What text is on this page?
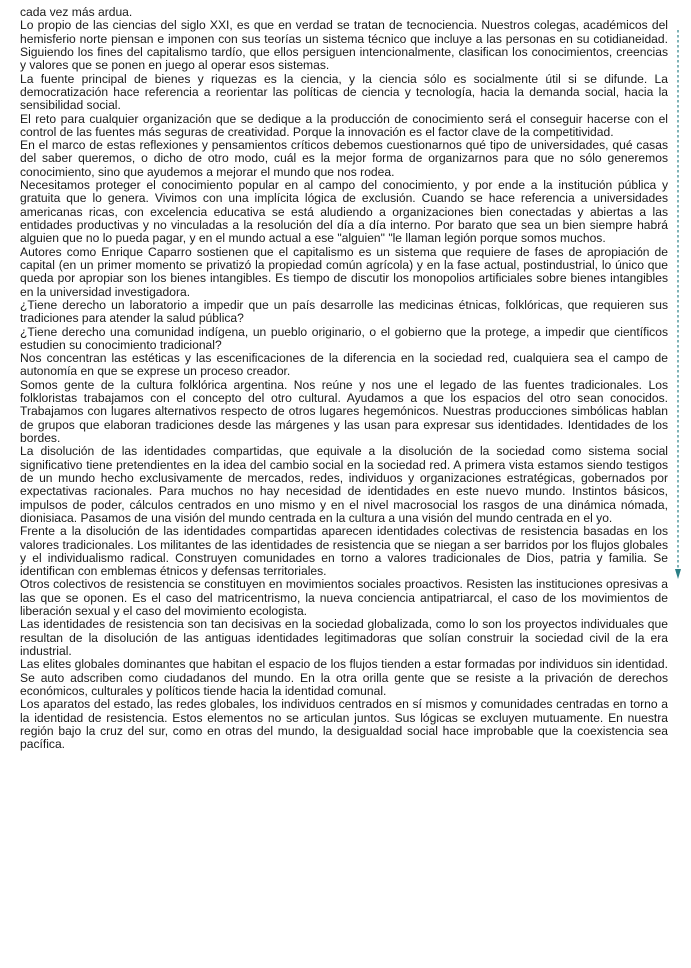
cada vez más ardua.

Lo propio de las ciencias del siglo XXI, es que en verdad se tratan de tecnociencia. Nuestros colegas, académicos del hemisferio norte piensan e imponen con sus teorías un sistema técnico que incluye a las personas en su cotidianeidad. Siguiendo los fines del capitalismo tardío, que ellos persiguen intencionalmente, clasifican los conocimientos, creencias y valores que se ponen en juego al operar esos sistemas.

La fuente principal de bienes y riquezas es la ciencia, y la ciencia sólo es socialmente útil si se difunde. La democratización hace referencia a reorientar las políticas de ciencia y tecnología, hacia la demanda social, hacia la sensibilidad social.

El reto para cualquier organización que se dedique a la producción de conocimiento será el conseguir hacerse con el control de las fuentes más seguras de creatividad. Porque la innovación es el factor clave de la competitividad.

En el marco de estas reflexiones y pensamientos críticos debemos cuestionarnos qué tipo de universidades, qué casas del saber queremos, o dicho de otro modo, cuál es la mejor forma de organizarnos para que no sólo generemos conocimiento, sino que ayudemos a mejorar el mundo que nos rodea.

Necesitamos proteger el conocimiento popular en al campo del conocimiento, y por ende a la institución pública y gratuita que lo genera. Vivimos con una implícita lógica de exclusión. Cuando se hace referencia a universidades americanas ricas, con excelencia educativa se está aludiendo a organizaciones bien conectadas y abiertas a las entidades productivas y no vinculadas a la resolución del día a día interno. Por barato que sea un bien siempre habrá alguien que no lo pueda pagar, y en el mundo actual a ese "alguien" "le llaman legión porque somos muchos.

Autores como Enrique Caparro sostienen que el capitalismo es un sistema que requiere de fases de apropiación de capital (en un primer momento se privatizó la propiedad común agrícola) y en la fase actual, postindustrial, lo único que queda por apropiar son los bienes intangibles. Es tiempo de discutir los monopolios artificiales sobre bienes intangibles en la universidad investigadora.

¿Tiene derecho un laboratorio a impedir que un país desarrolle las medicinas étnicas, folklóricas, que requieren sus tradiciones para atender la salud pública?

¿Tiene derecho una comunidad indígena, un pueblo originario, o el gobierno que la protege, a impedir que científicos estudien su conocimiento tradicional?

Nos concentran las estéticas y las escenificaciones de la diferencia en la sociedad red, cualquiera sea el campo de autonomía en que se exprese un proceso creador.

Somos gente de la cultura folklórica argentina. Nos reúne y nos une el legado de las fuentes tradicionales. Los folkloristas trabajamos con el concepto del otro cultural. Ayudamos a que los espacios del otro sean conocidos. Trabajamos con lugares alternativos respecto de otros lugares hegemónicos. Nuestras producciones simbólicas hablan de grupos que elaboran tradiciones desde las márgenes y las usan para expresar sus identidades. Identidades de los bordes.

La disolución de las identidades compartidas, que equivale a la disolución de la sociedad como sistema social significativo tiene pretendientes en la idea del cambio social en la sociedad red. A primera vista estamos siendo testigos de un mundo hecho exclusivamente de mercados, redes, individuos y organizaciones estratégicas, gobernados por expectativas racionales. Para muchos no hay necesidad de identidades en este nuevo mundo. Instintos básicos, impulsos de poder, cálculos centrados en uno mismo y en el nivel macrosocial los rasgos de una dinámica nómada, dionisiaca. Pasamos de una visión del mundo centrada en la cultura a una visión del mundo centrada en el yo.

Frente a la disolución de las identidades compartidas aparecen identidades colectivas de resistencia basadas en los valores tradicionales. Los militantes de las identidades de resistencia que se niegan a ser barridos por los flujos globales y el individualismo radical. Construyen comunidades en torno a valores tradicionales de Dios, patria y familia. Se identifican con emblemas étnicos y defensas territoriales.

Otros colectivos de resistencia se constituyen en movimientos sociales proactivos. Resisten las instituciones opresivas a las que se oponen. Es el caso del matricentrismo, la nueva conciencia antipatriarcal, el caso de los movimientos de liberación sexual y el caso del movimiento ecologista.

Las identidades de resistencia son tan decisivas en la sociedad globalizada, como lo son los proyectos individuales que resultan de la disolución de las antiguas identidades legitimadoras que solían construir la sociedad civil de la era industrial.

Las elites globales dominantes que habitan el espacio de los flujos tienden a estar formadas por individuos sin identidad. Se auto adscriben como ciudadanos del mundo. En la otra orilla gente que se resiste a la privación de derechos económicos, culturales y políticos tiende hacia la identidad comunal.

Los aparatos del estado, las redes globales, los individuos centrados en sí mismos y comunidades centradas en torno a la identidad de resistencia. Estos elementos no se articulan juntos. Sus lógicas se excluyen mutuamente. En nuestra región bajo la cruz del sur, como en otras del mundo, la desigualdad social hace improbable que la coexistencia sea pacífica.
